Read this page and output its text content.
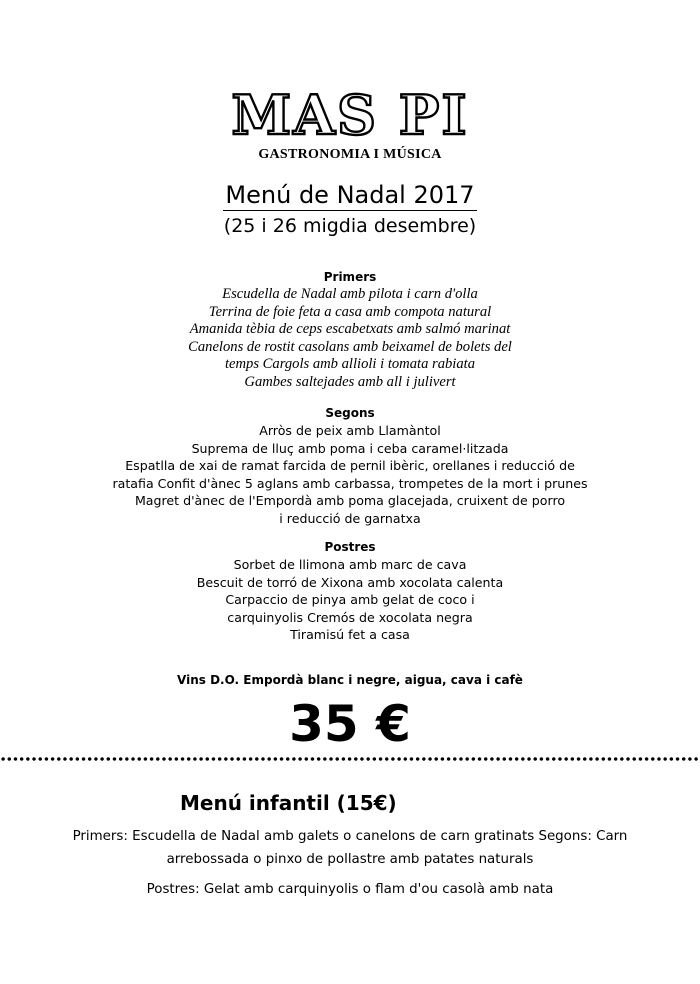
MAS PI
GASTRONOMIA I MÚSICA
Menú de Nadal 2017
(25 i 26 migdia desembre)
Primers
Escudella de Nadal amb pilota i carn d'olla
Terrina de foie feta a casa amb compota natural
Amanida tèbia de ceps escabetxats amb salmó marinat
Canelons de rostit casolans amb beixamel de bolets del
temps Cargols amb allioli i tomata rabiata
Gambes saltejades amb all i julivert
Segons
Arròs de peix amb Llamàntol
Suprema de lluç amb poma i ceba caramel·litzada
Espatlla de xai de ramat farcida de pernil ibèric, orellanes i reducció de
ratafia Confit d'ànec 5 aglans amb carbassa, trompetes de la mort i prunes
Magret d'ànec de l'Empordà amb poma glacejada, cruixent de porro
i reducció de garnatxa
Postres
Sorbet de llimona amb marc de cava
Bescuit de torró de Xixona amb xocolata calenta
Carpaccio de pinya amb gelat de coco i
carquinyolis Cremós de xocolata negra
Tiramisú fet a casa
Vins D.O. Empordà blanc i negre, aigua, cava i cafè
35 €
Menú infantil (15€)
Primers: Escudella de Nadal amb galets o canelons de carn gratinats Segons: Carn
arrebossada o pinxo de pollastre amb patates naturals
Postres: Gelat amb carquinyolis o flam d'ou casolà amb nata
